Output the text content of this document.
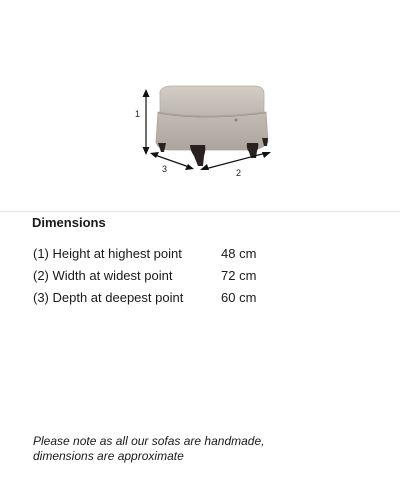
1
3	2
Dimensions
(1) Height at highest point	48 cm
(2) Width at widest point	72 cm
(3) Depth at deepest point	60 cm
Please note as all our sofas are handmade,
dimensions are approximate
